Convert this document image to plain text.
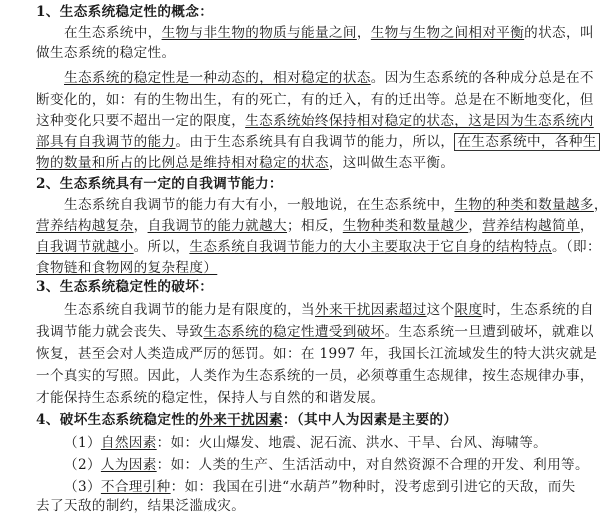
1、生态系统稳定性的概念：
在生态系统中，生物与非生物的物质与能量之间，生物与生物之间相对平衡的状态，叫
做生态系统的稳定性。
生态系统的稳定性是一种动态的，相对稳定的状态。因为生态系统的各种成分总是在不
断变化的，如：有的生物出生，有的死亡，有的迁入，有的迁出等。总是在不断地变化，但
这种变化只要不超出一定的限度，生态系统始终保持相对稳定的状态，这是因为生态系统内
部具有自我调节的能力。由于生态系统具有自我调节的能力，所以， 在生态系统中，各种生
物的数量和所占的比例总是维持相对稳定的状态，这叫做生态平衡。
2、生态系统具有一定的自我调节能力：
生态系统自我调节的能力有大有小，一般地说，在生态系统中，生物的种类和数量越多，
营养结构越复杂，自我调节的能力就越大；相反，生物种类和数量越少，营养结构越简单，
自我调节就越小。所以，生态系统自我调节能力的大小主要取决于它自身的结构特点。（即：
食物链和食物网的复杂程度）
3、生态系统稳定性的破坏：
生态系统自我调节的能力是有限度的，当外来干扰因素超过这个限度时，生态系统的自
我调节能力就会丧失、导致生态系统的稳定性遭受到破坏。生态系统一旦遭到破坏，就难以
恢复，甚至会对人类造成严厉的惩罚。如：在 1997 年，我国长江流域发生的特大洪灾就是
一个真实的写照。因此，人类作为生态系统的一员，必须尊重生态规律，按生态规律办事，
才能保持生态系统的稳定性，保持人与自然的和谐发展。
4、破坏生态系统稳定性的外来干扰因素：（其中人为因素是主要的）
（1）自然因素：如：火山爆发、地震、泥石流、洪水、干旱、台风、海啸等。
（2）人为因素：如：人类的生产、生活活动中，对自然资源不合理的开发、利用等。
（3）不合理引种：如：我国在引进“水葫芦”物种时，没考虑到引进它的天敌，而失
去了天敌的制约，结果泛滥成灾。
